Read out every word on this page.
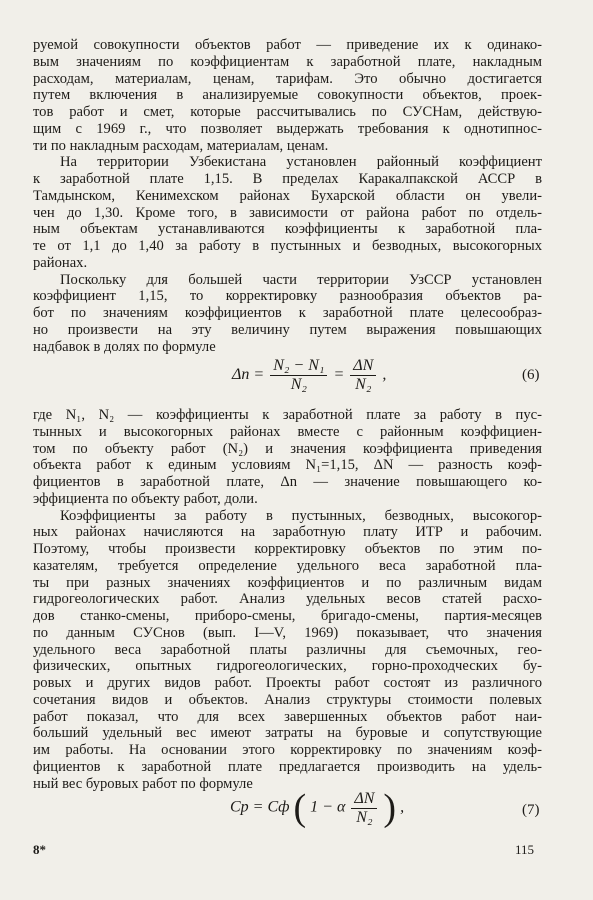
руемой совокупности объектов работ — приведение их к одинако-
вым значениям по коэффициентам к заработной плате, накладным
расходам, материалам, ценам, тарифам. Это обычно достигается
путем включения в анализируемые совокупности объектов, проек-
тов работ и смет, которые рассчитывались по СУСНам, действую-
щим с 1969 г., что позволяет выдержать требования к однотипнос-
ти по накладным расходам, материалам, ценам.
На территории Узбекистана установлен районный коэффициент
к заработной плате 1,15. В пределах Каракалпакской АССР в
Тамдынском, Кенимехском районах Бухарской области он увели-
чен до 1,30. Кроме того, в зависимости от района работ по отдель-
ным объектам устанавливаются коэффициенты к заработной пла-
те от 1,1 до 1,40 за работу в пустынных и безводных, высокогорных
районах.
Поскольку для большей части территории УзССР установлен
коэффициент 1,15, то корректировку разнообразия объектов ра-
бот по значениям коэффициентов к заработной плате целесообраз-
но произвести на эту величину путем выражения повышающих
надбавок в долях по формуле
$\Delta n = \frac{\text{N₂ − N₁}}{\text{N₂}} = \frac{\Delta N}{\text{N₂}}$ ,	(6)
где N₁, N₂ — коэффициенты к заработной плате за работу в пус-
тынных и высокогорных районах вместе с районным коэффициен-
том по объекту работ (N₂) и значения коэффициента приведения
объекта работ к единым условиям N₁=1,15, ΔN — разность коэф-
фициентов в заработной плате, Δn — значение повышающего ко-
эффициента по объекту работ, доли.
Коэффициенты за работу в пустынных, безводных, высокогор-
ных районах начисляются на заработную плату ИТР и рабочим.
Поэтому, чтобы произвести корректировку объектов по этим по-
казателям, требуется определение удельного веса заработной пла-
ты при разных значениях коэффициентов и по различным видам
гидрогеологических работ. Анализ удельных весов статей расхо-
дов станко-смены, приборо-смены, бригадо-смены, партия-месяцев
по данным СУСнов (вып. I—V, 1969) показывает, что значения
удельного веса заработной платы различны для съемочных, гео-
физических, опытных гидрогеологических, горно-проходческих бу-
ровых и других видов работ. Проекты работ состоят из различного
сочетания видов и объектов. Анализ структуры стоимости полевых
работ показал, что для всех завершенных объектов работ наи-
больший удельный вес имеют затраты на буровые и сопутствующие
им работы. На основании этого корректировку по значениям коэф-
фициентов к заработной плате предлагается производить на удель-
ный вес буровых работ по формуле
Cр = Cф ( 1 − α $\frac{\Delta N}{\text{N₂}}$ ) ,	(7)
8*	115
